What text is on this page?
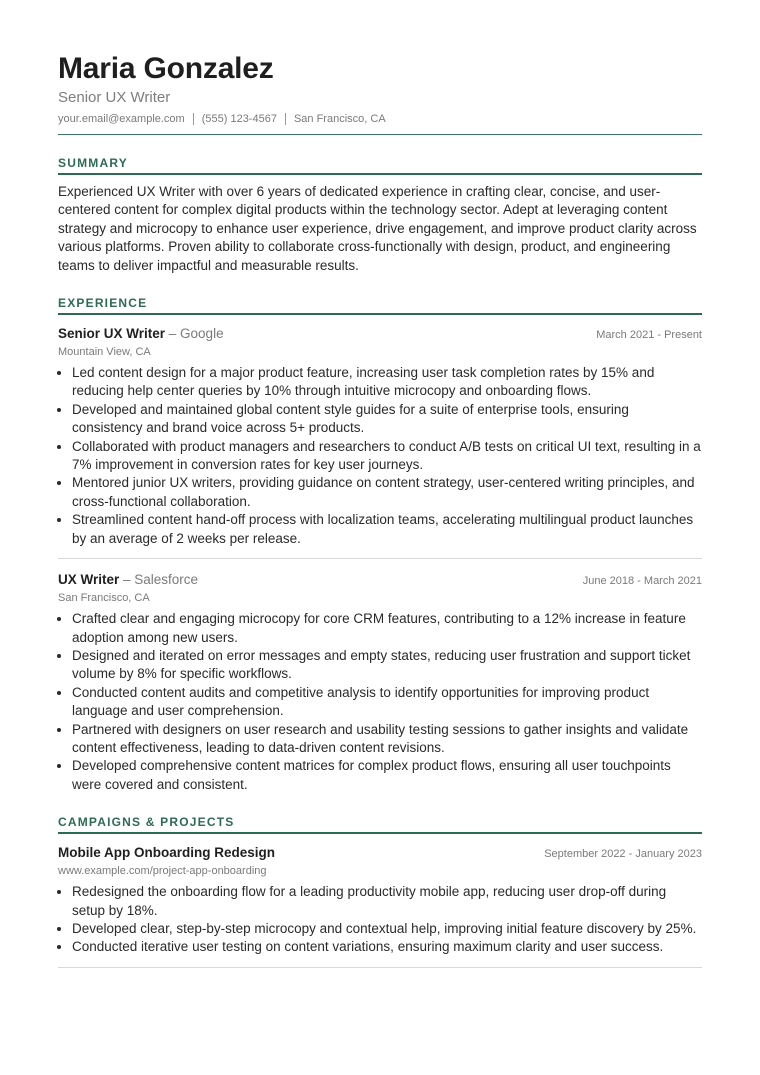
Maria Gonzalez
Senior UX Writer
your.email@example.com (555) 123-4567 San Francisco, CA
SUMMARY
Experienced UX Writer with over 6 years of dedicated experience in crafting clear, concise, and user-centered content for complex digital products within the technology sector. Adept at leveraging content strategy and microcopy to enhance user experience, drive engagement, and improve product clarity across various platforms. Proven ability to collaborate cross-functionally with design, product, and engineering teams to deliver impactful and measurable results.
EXPERIENCE
Senior UX Writer – Google	March 2021 - Present
Mountain View, CA
• Led content design for a major product feature, increasing user task completion rates by 15% and reducing help center queries by 10% through intuitive microcopy and onboarding flows.
• Developed and maintained global content style guides for a suite of enterprise tools, ensuring consistency and brand voice across 5+ products.
• Collaborated with product managers and researchers to conduct A/B tests on critical UI text, resulting in a 7% improvement in conversion rates for key user journeys.
• Mentored junior UX writers, providing guidance on content strategy, user-centered writing principles, and cross-functional collaboration.
• Streamlined content hand-off process with localization teams, accelerating multilingual product launches by an average of 2 weeks per release.
UX Writer – Salesforce	June 2018 - March 2021
San Francisco, CA
• Crafted clear and engaging microcopy for core CRM features, contributing to a 12% increase in feature adoption among new users.
• Designed and iterated on error messages and empty states, reducing user frustration and support ticket volume by 8% for specific workflows.
• Conducted content audits and competitive analysis to identify opportunities for improving product language and user comprehension.
• Partnered with designers on user research and usability testing sessions to gather insights and validate content effectiveness, leading to data-driven content revisions.
• Developed comprehensive content matrices for complex product flows, ensuring all user touchpoints were covered and consistent.
CAMPAIGNS & PROJECTS
Mobile App Onboarding Redesign	September 2022 - January 2023
www.example.com/project-app-onboarding
• Redesigned the onboarding flow for a leading productivity mobile app, reducing user drop-off during setup by 18%.
• Developed clear, step-by-step microcopy and contextual help, improving initial feature discovery by 25%.
• Conducted iterative user testing on content variations, ensuring maximum clarity and user success.
